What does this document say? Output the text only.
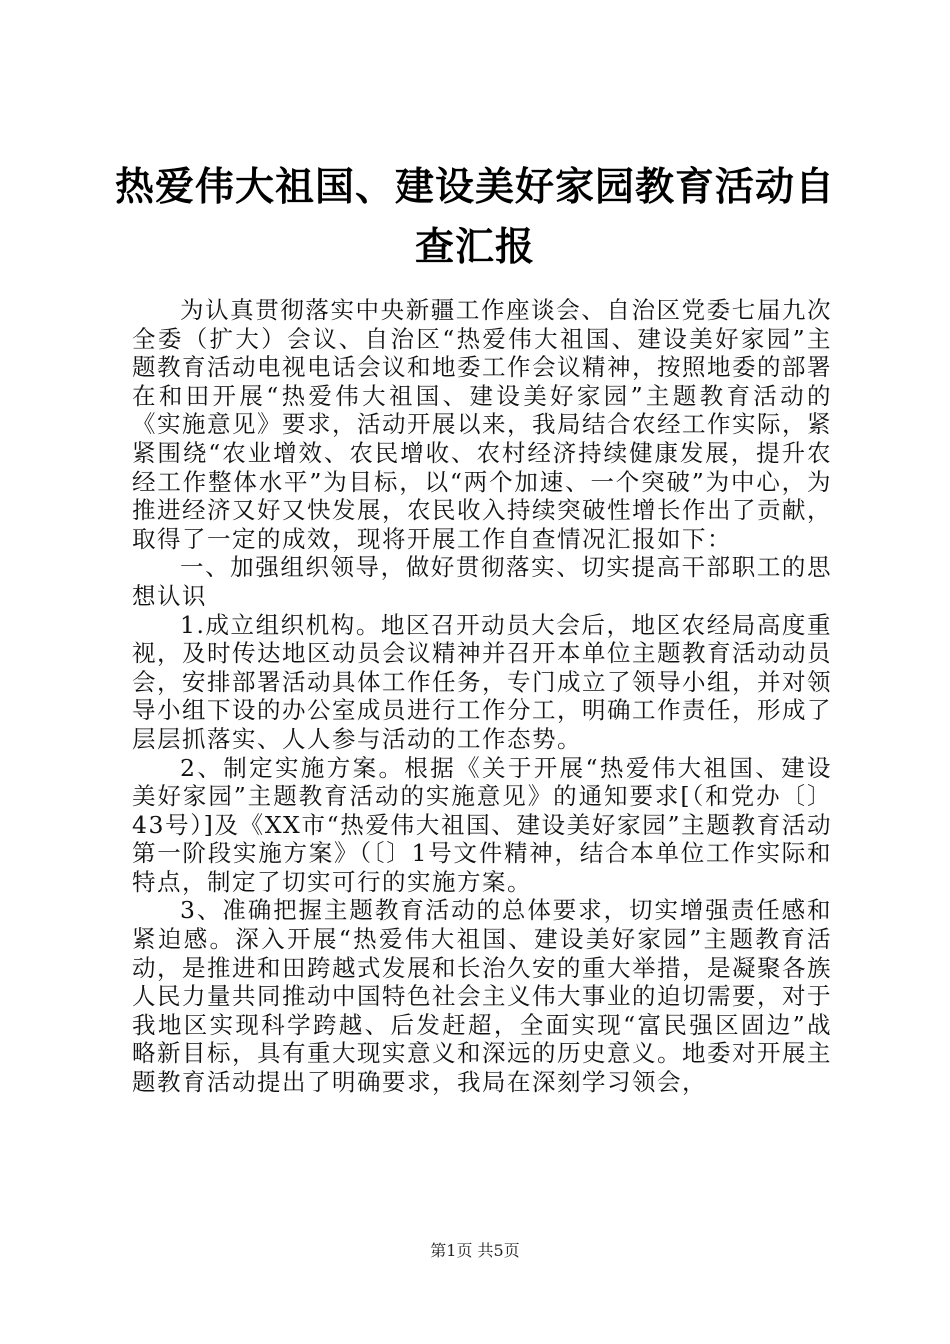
热爱伟大祖国、建设美好家园教育活动自查汇报

为认真贯彻落实中央新疆工作座谈会、自治区党委七届九次全委（扩大）会议、自治区“热爱伟大祖国、建设美好家园”主题教育活动电视电话会议和地委工作会议精神，按照地委的部署在和田开展“热爱伟大祖国、建设美好家园”主题教育活动的《实施意见》要求，活动开展以来，我局结合农经工作实际，紧紧围绕“农业增效、农民增收、农村经济持续健康发展，提升农经工作整体水平”为目标，以“两个加速、一个突破”为中心，为推进经济又好又快发展，农民收入持续突破性增长作出了贡献，取得了一定的成效，现将开展工作自查情况汇报如下：

一、加强组织领导，做好贯彻落实、切实提高干部职工的思想认识

1.成立组织机构。地区召开动员大会后，地区农经局高度重视，及时传达地区动员会议精神并召开本单位主题教育活动动员会，安排部署活动具体工作任务，专门成立了领导小组，并对领导小组下设的办公室成员进行工作分工，明确工作责任，形成了层层抓落实、人人参与活动的工作态势。

2、制定实施方案。根据《关于开展“热爱伟大祖国、建设美好家园”主题教育活动的实施意见》的通知要求[（和党办〔〕43号）]及《XX市“热爱伟大祖国、建设美好家园”主题教育活动第一阶段实施方案》（〔〕1号文件精神，结合本单位工作实际和特点，制定了切实可行的实施方案。

3、准确把握主题教育活动的总体要求，切实增强责任感和紧迫感。深入开展“热爱伟大祖国、建设美好家园”主题教育活动，是推进和田跨越式发展和长治久安的重大举措，是凝聚各族人民力量共同推动中国特色社会主义伟大事业的迫切需要，对于我地区实现科学跨越、后发赶超，全面实现“富民强区固边”战略新目标，具有重大现实意义和深远的历史意义。地委对开展主题教育活动提出了明确要求，我局在深刻学习领会，

第1页 共5页
